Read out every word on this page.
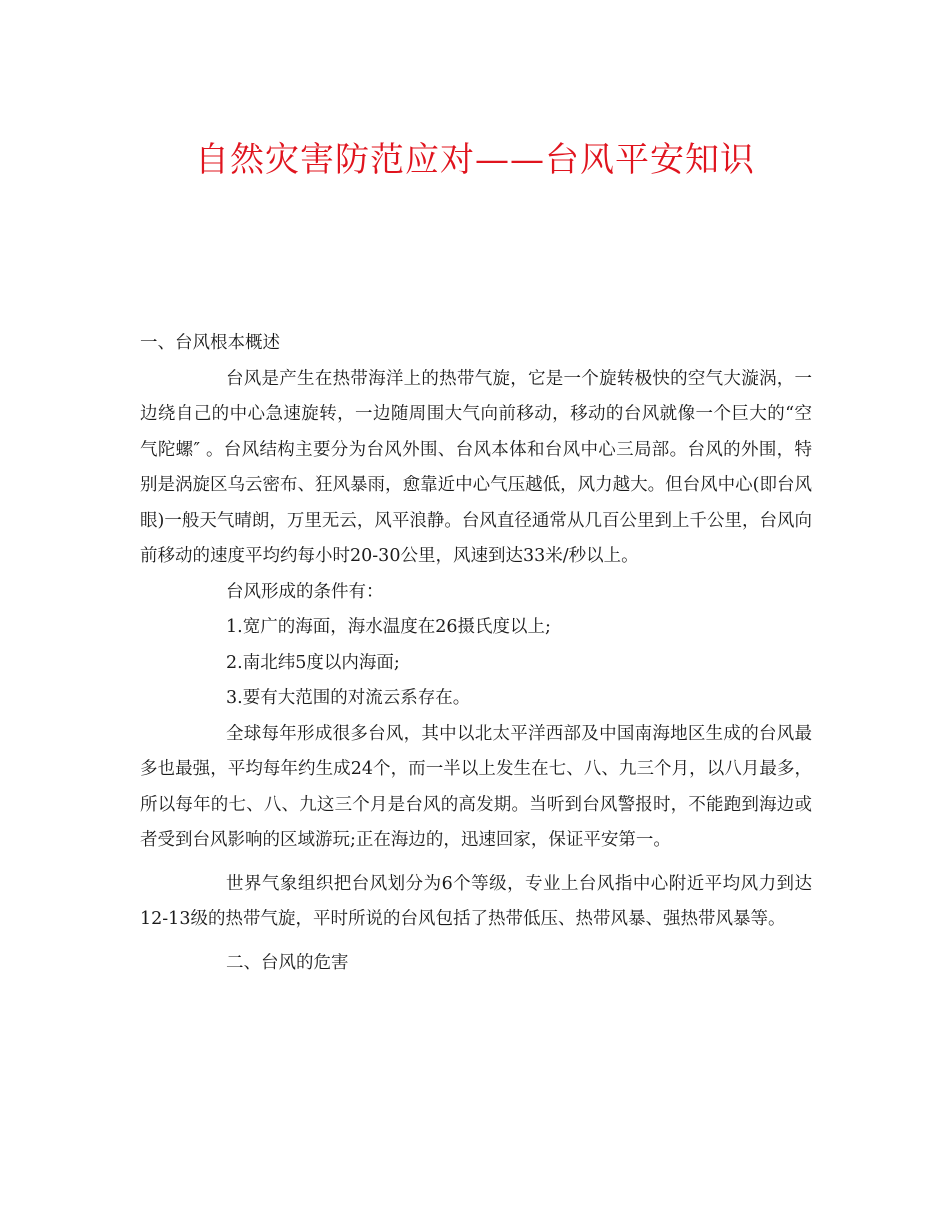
自然灾害防范应对——台风平安知识

一、台风根本概述

台风是产生在热带海洋上的热带气旋，它是一个旋转极快的空气大漩涡，一边绕自己的中心急速旋转，一边随周围大气向前移动，移动的台风就像一个巨大的“空气陀螺″ 。台风结构主要分为台风外围、台风本体和台风中心三局部。台风的外围，特别是涡旋区乌云密布、狂风暴雨，愈靠近中心气压越低，风力越大。但台风中心(即台风眼)一般天气晴朗，万里无云，风平浪静。台风直径通常从几百公里到上千公里，台风向前移动的速度平均约每小时20-30公里，风速到达33米/秒以上。

台风形成的条件有：

1.宽广的海面，海水温度在26摄氏度以上;

2.南北纬5度以内海面;

3.要有大范围的对流云系存在。

全球每年形成很多台风，其中以北太平洋西部及中国南海地区生成的台风最多也最强，平均每年约生成24个，而一半以上发生在七、八、九三个月，以八月最多，所以每年的七、八、九这三个月是台风的高发期。当听到台风警报时，不能跑到海边或者受到台风影响的区域游玩;正在海边的，迅速回家，保证平安第一。

世界气象组织把台风划分为6个等级，专业上台风指中心附近平均风力到达12-13级的热带气旋，平时所说的台风包括了热带低压、热带风暴、强热带风暴等。

二、台风的危害
